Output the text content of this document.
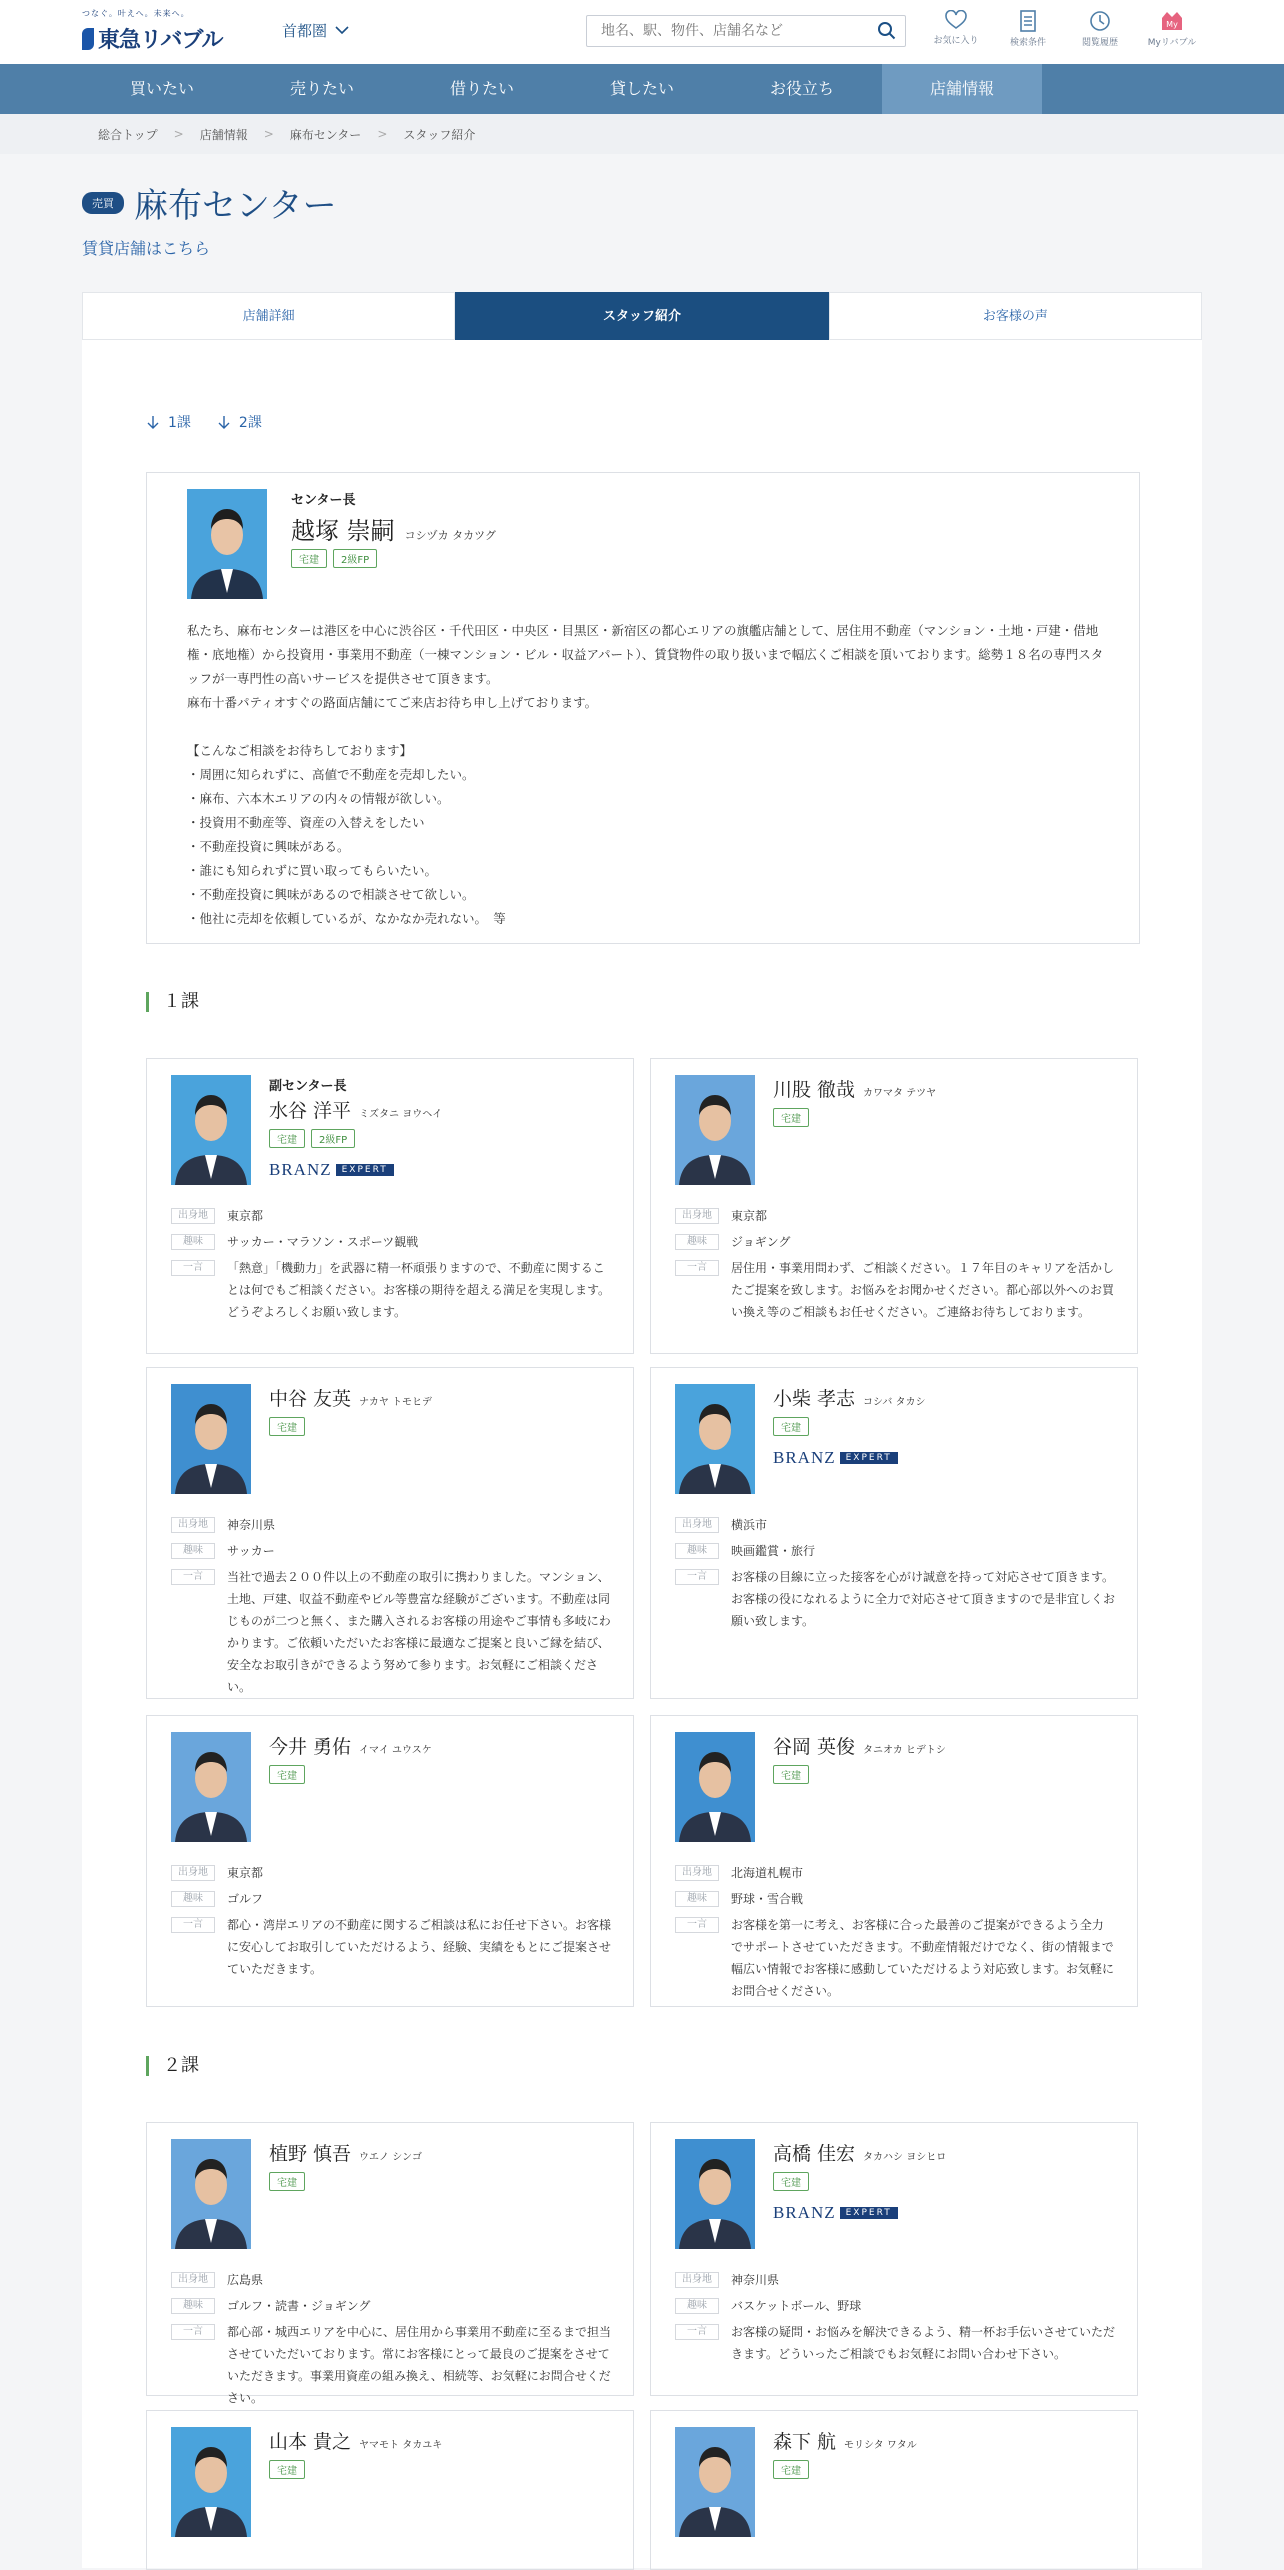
つなぐ。叶えへ。未来へ。
東急リバブル	首都圏
地名、駅、物件、店舗名など
お気に入り	検索条件	閲覧履歴
My
Myリバブル
買いたい	売りたい	借りたい	貸したい	お役立ち	店舗情報
総合トップ > 店舗情報 > 麻布センター > スタッフ紹介
売買 麻布センター
賃貸店舗はこちら
店舗詳細	スタッフ紹介	お客様の声
1課	2課
センター長
越塚 崇嗣 コシヅカ タカツグ
宅建	2級FP
私たち、麻布センターは港区を中心に渋谷区・千代田区・中央区・目黒区・新宿区の都心エリアの旗艦店舗として、居住用不動産（マンション・土地・戸建・借地権・底地権）から投資用・事業用不動産（一棟マンション・ビル・収益アパート）、賃貸物件の取り扱いまで幅広くご相談を頂いております。総勢１８名の専門スタッフが一専門性の高いサービスを提供させて頂きます。
麻布十番パティオすぐの路面店舗にてご来店お待ち申し上げております。

【こんなご相談をお待ちしております】
・周囲に知られずに、高値で不動産を売却したい。
・麻布、六本木エリアの内々の情報が欲しい。
・投資用不動産等、資産の入替えをしたい
・不動産投資に興味がある。
・誰にも知られずに買い取ってもらいたい。
・不動産投資に興味があるので相談させて欲しい。
・他社に売却を依頼しているが、なかなか売れない。　等
１課
２課
副センター長
水谷 洋平 ミズタニ ヨウヘイ
宅建	2級FP
BRANZ	EXPERT
出身地	東京都
趣味	サッカー・マラソン・スポーツ観戦
一言	「熱意」「機動力」を武器に精一杯頑張りますので、不動産に関することは何でもご相談ください。お客様の期待を超える満足を実現します。どうぞよろしくお願い致します。
川股 徹哉 カワマタ テツヤ
宅建
出身地	東京都
趣味	ジョギング
一言	居住用・事業用問わず、ご相談ください。１７年目のキャリアを活かしたご提案を致します。お悩みをお聞かせください。都心部以外へのお買い換え等のご相談もお任せください。ご連絡お待ちしております。
中谷 友英 ナカヤ トモヒデ
宅建
出身地	神奈川県
趣味	サッカー
一言	当社で過去２００件以上の不動産の取引に携わりました。マンション、土地、戸建、収益不動産やビル等豊富な経験がございます。不動産は同じものが二つと無く、また購入されるお客様の用途やご事情も多岐にわかります。ご依頼いただいたお客様に最適なご提案と良いご縁を結び、安全なお取引きができるよう努めて参ります。お気軽にご相談ください。
小柴 孝志 コシバ タカシ
宅建
BRANZ	EXPERT
出身地	横浜市
趣味	映画鑑賞・旅行
一言	お客様の目線に立った接客を心がけ誠意を持って対応させて頂きます。お客様の役になれるように全力で対応させて頂きますので是非宜しくお願い致します。
今井 勇佑 イマイ ユウスケ
宅建
出身地	東京都
趣味	ゴルフ
一言	都心・湾岸エリアの不動産に関するご相談は私にお任せ下さい。お客様に安心してお取引していただけるよう、経験、実績をもとにご提案させていただきます。
谷岡 英俊 タニオカ ヒデトシ
宅建
出身地	北海道札幌市
趣味	野球・雪合戦
一言	お客様を第一に考え、お客様に合った最善のご提案ができるよう全力でサポートさせていただきます。不動産情報だけでなく、街の情報まで幅広い情報でお客様に感動していただけるよう対応致します。お気軽にお問合せください。
植野 慎吾 ウエノ シンゴ
宅建
出身地	広島県
趣味	ゴルフ・読書・ジョギング
一言	都心部・城西エリアを中心に、居住用から事業用不動産に至るまで担当させていただいております。常にお客様にとって最良のご提案をさせていただきます。事業用資産の組み換え、相続等、お気軽にお問合せください。
高橋 佳宏 タカハシ ヨシヒロ
宅建
BRANZ	EXPERT
出身地	神奈川県
趣味	バスケットボール、野球
一言	お客様の疑問・お悩みを解決できるよう、精一杯お手伝いさせていただきます。どういったご相談でもお気軽にお問い合わせ下さい。
山本 貴之 ヤマモト タカユキ
宅建
森下 航 モリシタ ワタル
宅建
